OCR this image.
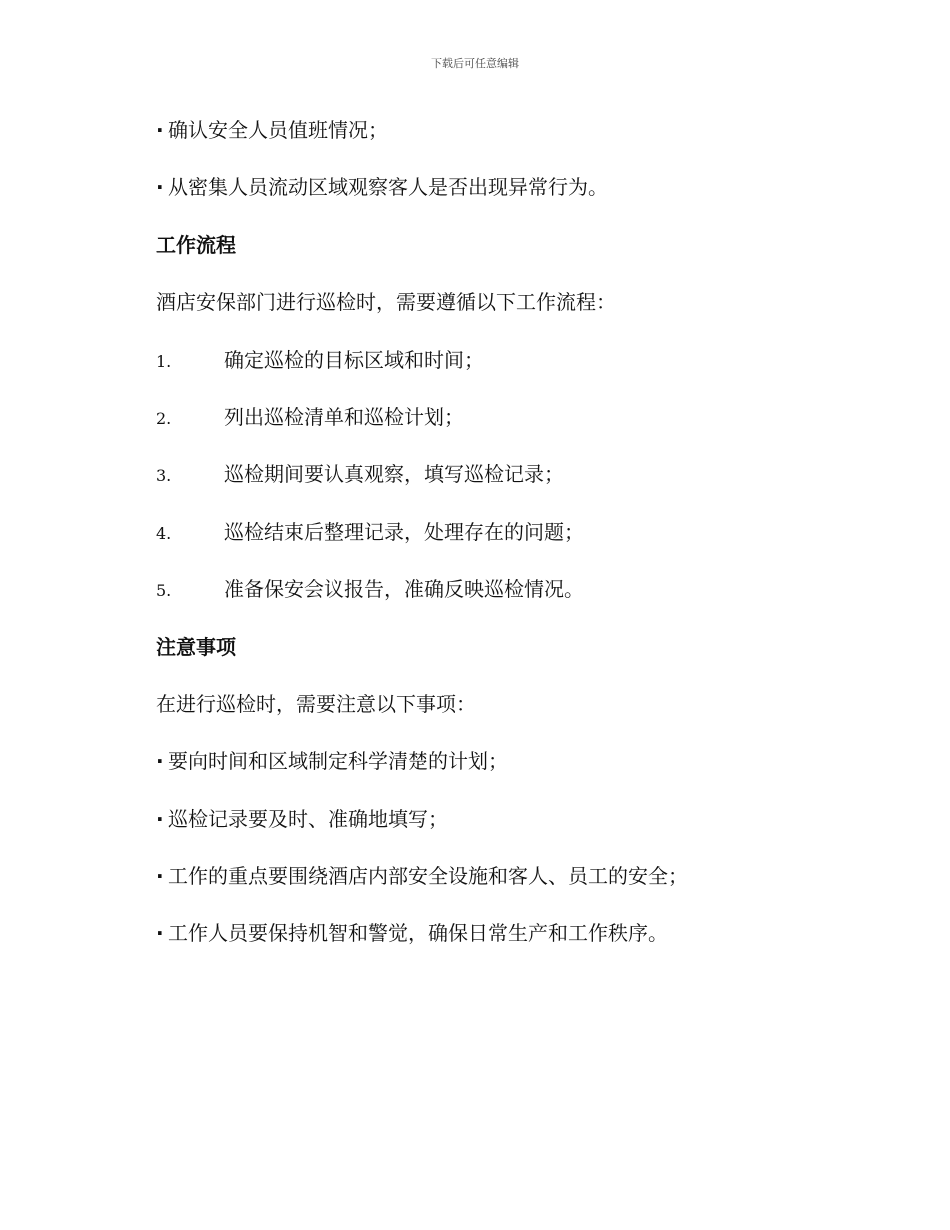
下载后可任意编辑
· 确认安全人员值班情况；
· 从密集人员流动区域观察客人是否出现异常行为。
工作流程
酒店安保部门进行巡检时，需要遵循以下工作流程：
1.	确定巡检的目标区域和时间；
2.	列出巡检清单和巡检计划；
3.	巡检期间要认真观察，填写巡检记录；
4.	巡检结束后整理记录，处理存在的问题；
5.	准备保安会议报告，准确反映巡检情况。
注意事项
在进行巡检时，需要注意以下事项：
· 要向时间和区域制定科学清楚的计划；
· 巡检记录要及时、准确地填写；
· 工作的重点要围绕酒店内部安全设施和客人、员工的安全；
· 工作人员要保持机智和警觉，确保日常生产和工作秩序。
